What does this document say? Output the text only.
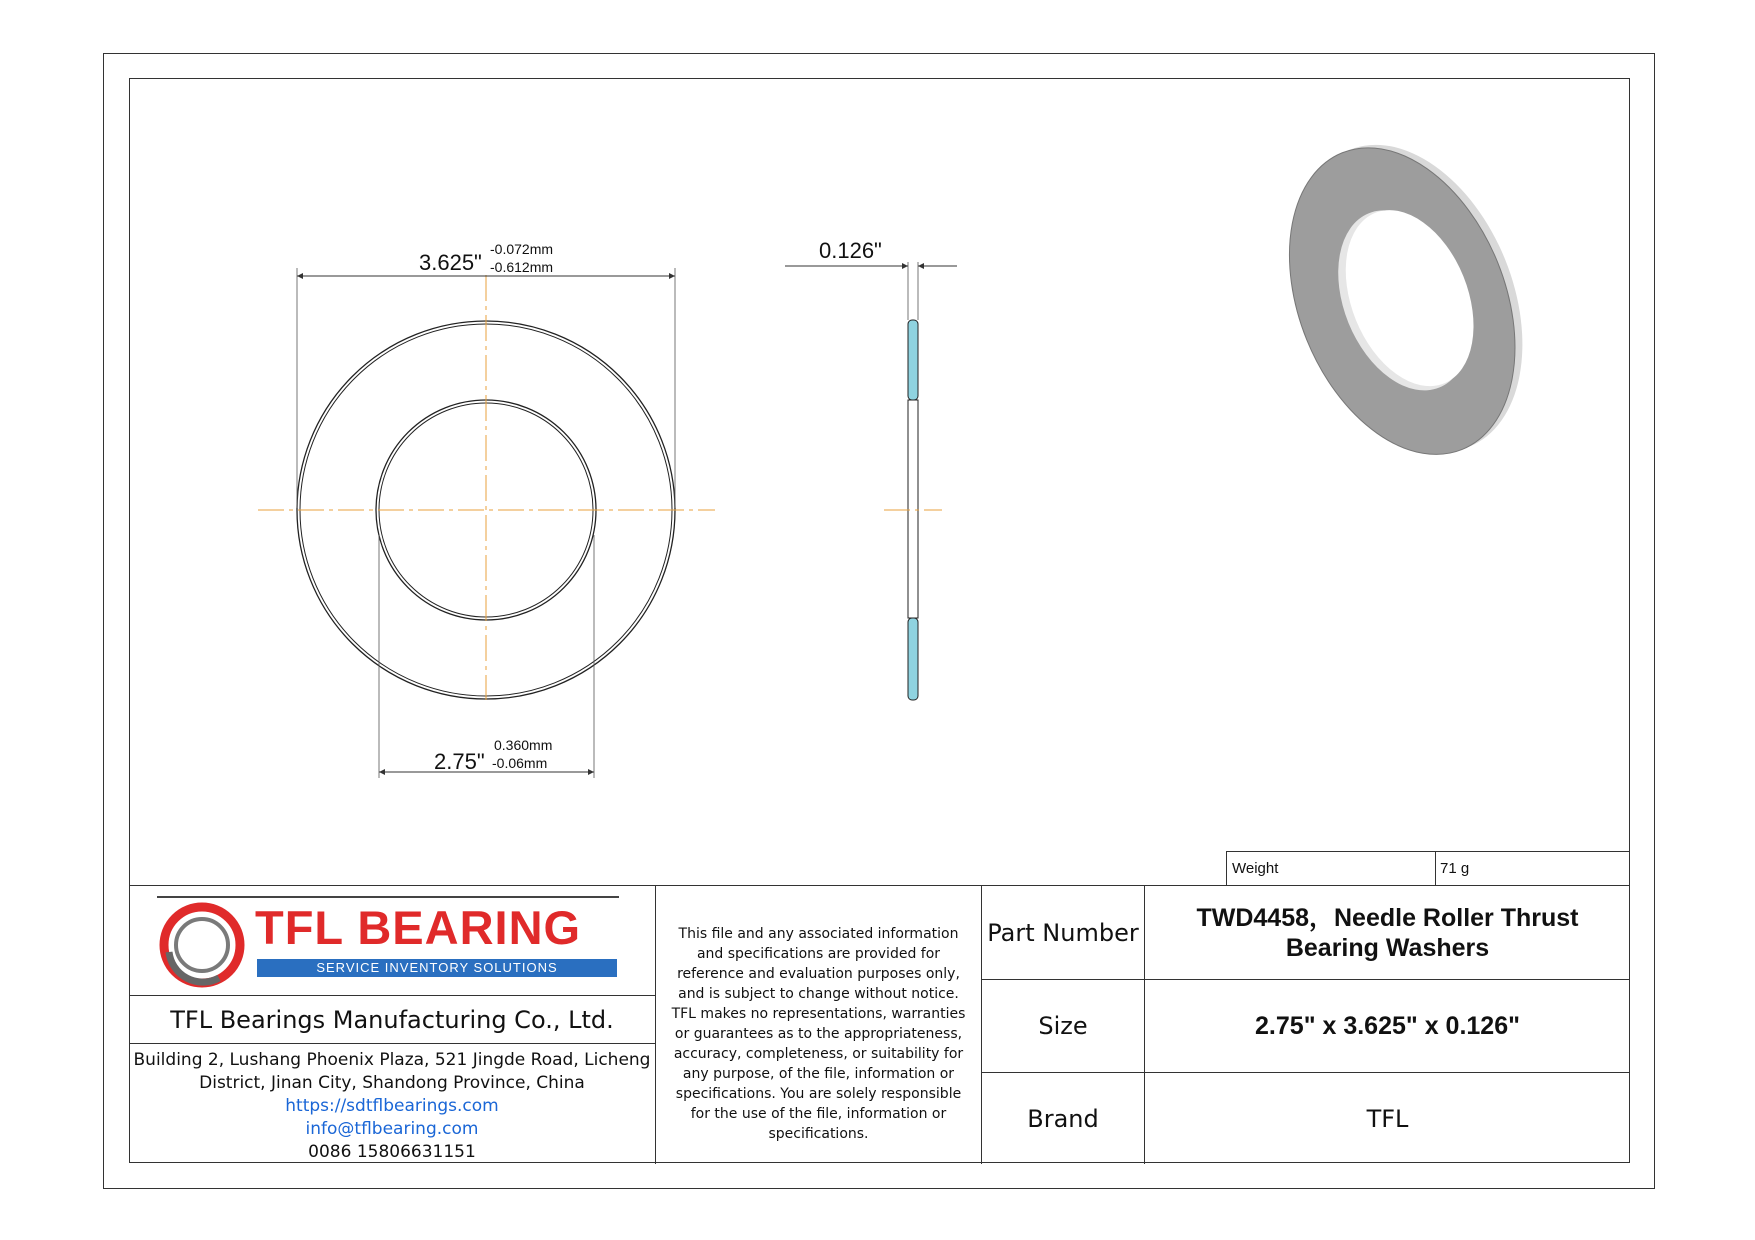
3.625"
-0.072mm
-0.612mm
2.75"
0.360mm
-0.06mm
0.126"
Weight	71 g
TFL BEARING
SERVICE INVENTORY SOLUTIONS
TFL Bearings Manufacturing Co., Ltd.
Building 2, Lushang Phoenix Plaza, 521 Jingde Road, Licheng
District, Jinan City, Shandong Province, China
https://sdtflbearings.com
info@tflbearing.com
0086 15806631151
This file and any associated information
and specifications are provided for
reference and evaluation purposes only,
and is subject to change without notice.
TFL makes no representations, warranties
or guarantees as to the appropriateness,
accuracy, completeness, or suitability for
any purpose, of the file, information or
specifications. You are solely responsible
for the use of the file, information or
specifications.
Part Number
Size
Brand
TWD4458，Needle Roller Thrust
Bearing Washers
2.75" x 3.625" x 0.126"
TFL
